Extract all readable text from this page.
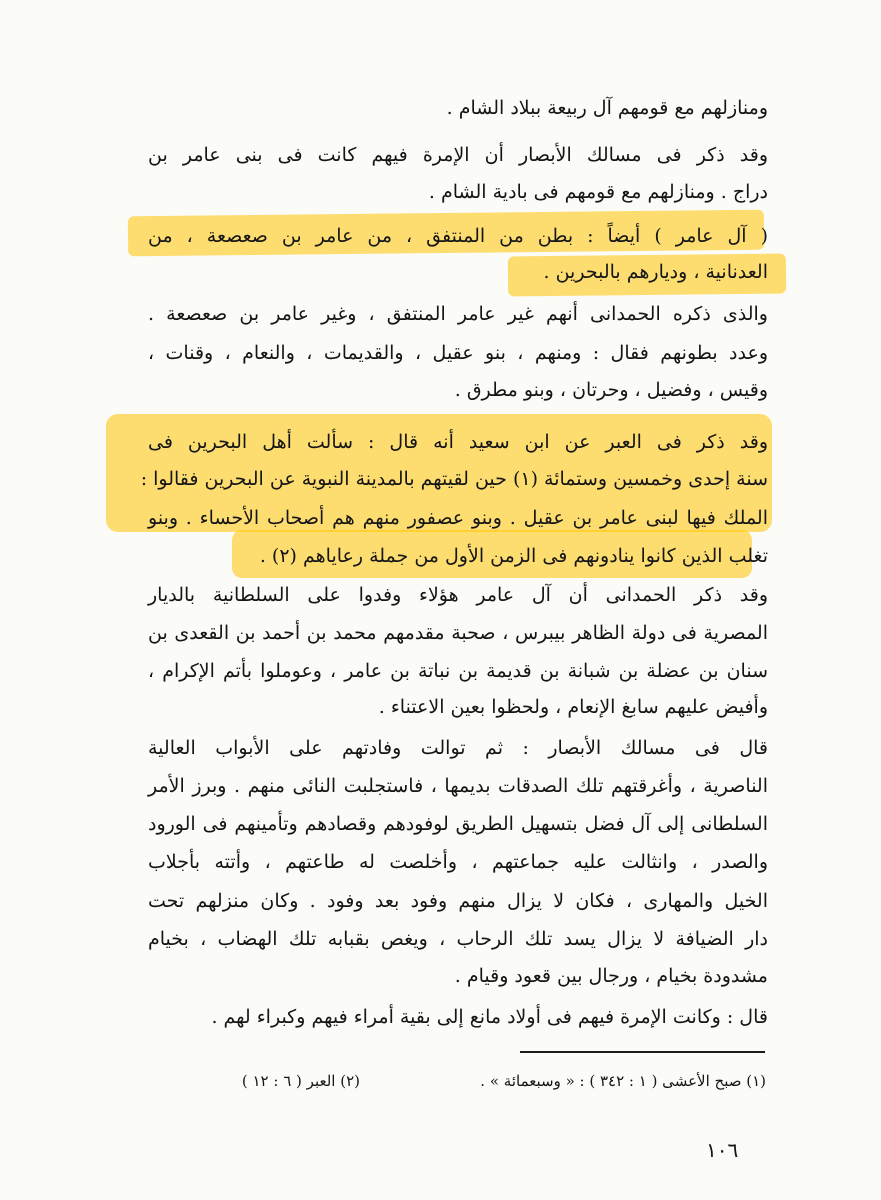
ومنازلهم مع قومهم آل ربيعة ببلاد الشام .
وقد ذكر فى مسالك الأبصار أن الإمرة فيهم كانت فى بنى عامر بن
دراج . ومنازلهم مع قومهم فى بادية الشام .
( آل عامر ) أيضاً : بطن من المنتفق ، من عامر بن صعصعة ، من
العدنانية ، وديارهم بالبحرين .
والذى ذكره الحمدانى أنهم غير عامر المنتفق ، وغير عامر بن صعصعة .
وعدد بطونهم فقال : ومنهم ، بنو عقيل ، والقديمات ، والنعام ، وقنات ،
وقيس ، وفضيل ، وحرتان ، وبنو مطرق .
وقد ذكر فى العبر عن ابن سعيد أنه قال : سألت أهل البحرين فى
سنة إحدى وخمسين وستمائة (١) حين لقيتهم بالمدينة النبوية عن البحرين فقالوا :
الملك فيها لبنى عامر بن عقيل . وبنو عصفور منهم هم أصحاب الأحساء . وبنو
تغلب الذين كانوا ينادونهم فى الزمن الأول من جملة رعاياهم (٢) .
وقد ذكر الحمدانى أن آل عامر هؤلاء وفدوا على السلطانية بالديار
المصرية فى دولة الظاهر بيبرس ، صحبة مقدمهم محمد بن أحمد بن القعدى بن
سنان بن عضلة بن شبانة بن قديمة بن نباتة بن عامر ، وعوملوا بأتم الإكرام ،
وأفيض عليهم سابغ الإنعام ، ولحظوا بعين الاعتناء .
قال فى مسالك الأبصار : ثم توالت وفادتهم على الأبواب العالية
الناصرية ، وأغرقتهم تلك الصدقات بديمها ، فاستجلبت النائى منهم . وبرز الأمر
السلطانى إلى آل فضل بتسهيل الطريق لوفودهم وقصادهم وتأمينهم فى الورود
والصدر ، وانثالت عليه جماعتهم ، وأخلصت له طاعتهم ، وأتته بأجلاب
الخيل والمهارى ، فكان لا يزال منهم وفود بعد وفود . وكان منزلهم تحت
دار الضيافة لا يزال يسد تلك الرحاب ، ويغص بقبابه تلك الهضاب ، بخيام
مشدودة بخيام ، ورجال بين قعود وقيام .
قال : وكانت الإمرة فيهم فى أولاد مانع إلى بقية أمراء فيهم وكبراء لهم .
(١) صبح الأعشى ( ١ : ٣٤٢ ) : « وسبعمائة » .
(٢) العبر ( ٦ : ١٢ )
١٠٦
